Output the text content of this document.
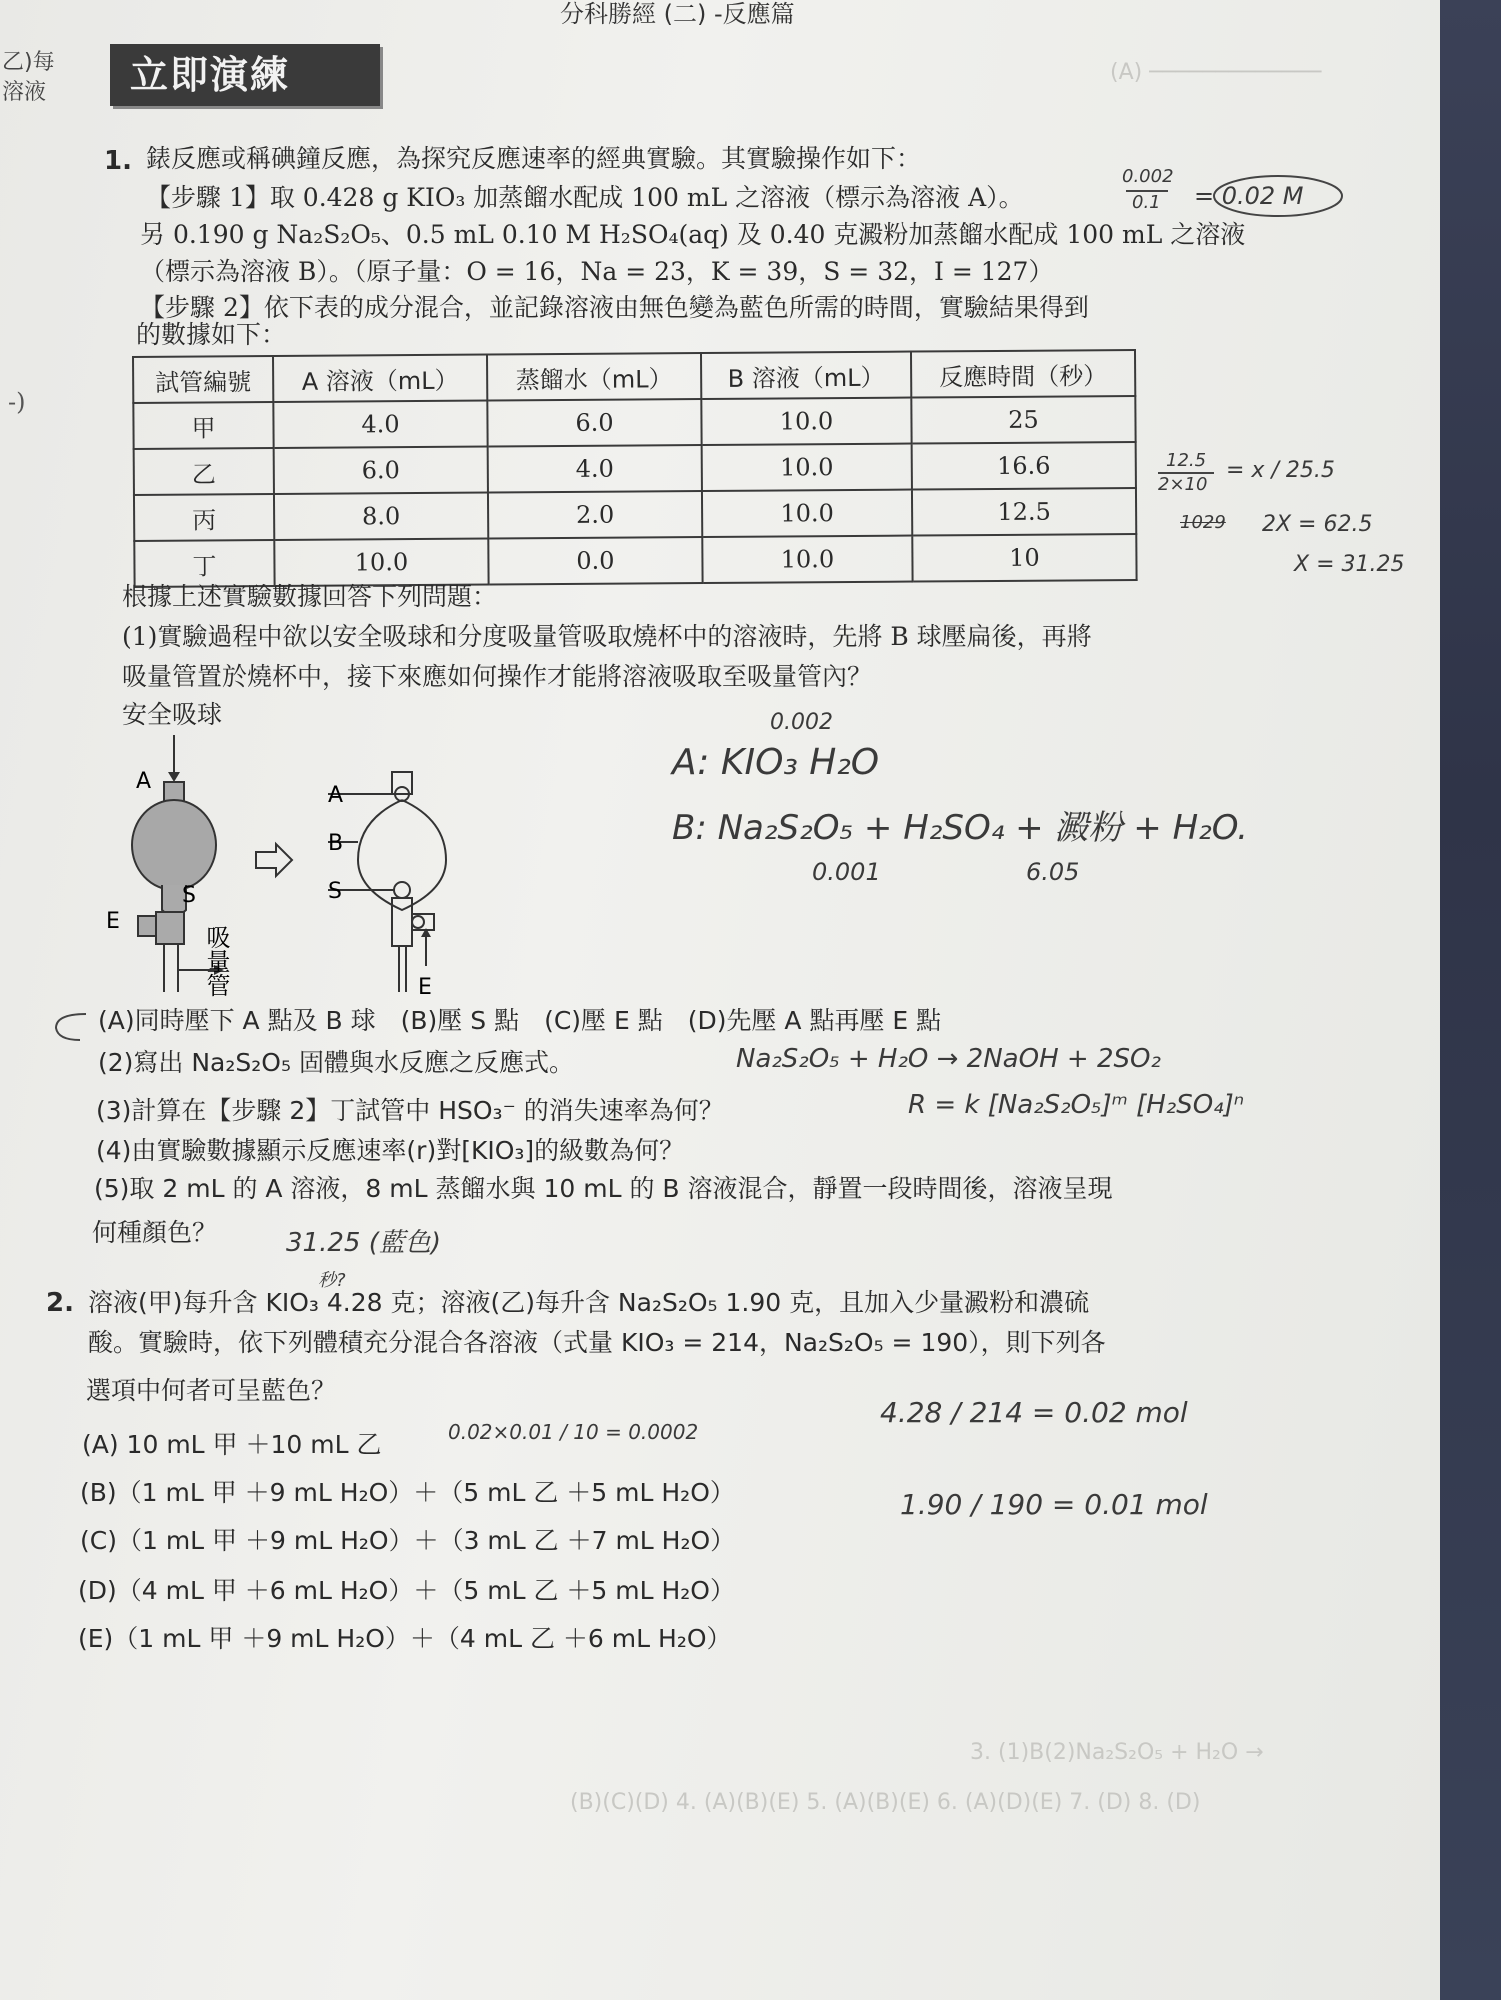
分科勝經 (二) -反應篇
乙)每
溶液
-)
立即演練
1. 錶反應或稱碘鐘反應，為探究反應速率的經典實驗。其實驗操作如下：
【步驟 1】取 0.428 g KIO₃ 加蒸餾水配成 100 mL 之溶液（標示為溶液 A）。
另 0.190 g Na₂S₂O₅、0.5 mL 0.10 M H₂SO₄(aq) 及 0.40 克澱粉加蒸餾水配成 100 mL 之溶液
（標示為溶液 B）。（原子量：O = 16，Na = 23，K = 39，S = 32，I = 127）
【步驟 2】依下表的成分混合，並記錄溶液由無色變為藍色所需的時間，實驗結果得到
的數據如下：
試管編號	A 溶液（mL）	蒸餾水（mL）	B 溶液（mL）	反應時間（秒）
甲	4.0	6.0	10.0	25
乙	6.0	4.0	10.0	16.6
丙	8.0	2.0	10.0	12.5
丁	10.0	0.0	10.0	10
根據上述實驗數據回答下列問題：
(1)實驗過程中欲以安全吸球和分度吸量管吸取燒杯中的溶液時，先將 B 球壓扁後，再將
吸量管置於燒杯中，接下來應如何操作才能將溶液吸取至吸量管內？
安全吸球
A
S
E
吸量管
A
B
S
E
(A)同時壓下 A 點及 B 球　(B)壓 S 點　(C)壓 E 點　(D)先壓 A 點再壓 E 點
(2)寫出 Na₂S₂O₅ 固體與水反應之反應式。
(3)計算在【步驟 2】丁試管中 HSO₃⁻ 的消失速率為何？
(4)由實驗數據顯示反應速率(r)對[KIO₃]的級數為何？
(5)取 2 mL 的 A 溶液，8 mL 蒸餾水與 10 mL 的 B 溶液混合，靜置一段時間後，溶液呈現
何種顏色？
2. 溶液(甲)每升含 KIO₃ 4.28 克；溶液(乙)每升含 Na₂S₂O₅ 1.90 克，且加入少量澱粉和濃硫
酸。實驗時，依下列體積充分混合各溶液（式量 KIO₃ = 214，Na₂S₂O₅ = 190），則下列各
選項中何者可呈藍色？
(A) 10 mL 甲 ＋10 mL 乙
(B)（1 mL 甲 ＋9 mL H₂O）＋（5 mL 乙 ＋5 mL H₂O）
(C)（1 mL 甲 ＋9 mL H₂O）＋（3 mL 乙 ＋7 mL H₂O）
(D)（4 mL 甲 ＋6 mL H₂O）＋（5 mL 乙 ＋5 mL H₂O）
(E)（1 mL 甲 ＋9 mL H₂O）＋（4 mL 乙 ＋6 mL H₂O）
0.002
0.1 = 0.02 M
12.5
2×10
= x / 25.5
1029 2X = 62.5
X = 31.25
0.002
A: KIO₃ H₂O
B: Na₂S₂O₅ + H₂SO₄ + 澱粉 + H₂O.
0.001	6.05
Na₂S₂O₅ + H₂O → 2NaOH + 2SO₂
R = k [Na₂S₂O₅]ᵐ [H₂SO₄]ⁿ
31.25 (藍色)
秒?
0.02×0.01 / 10 = 0.0002
4.28 / 214 = 0.02 mol
1.90 / 190 = 0.01 mol
(A) ─────────────
3. (1)B(2)Na₂S₂O₅ + H₂O →
(B)(C)(D) 4. (A)(B)(E) 5. (A)(B)(E) 6. (A)(D)(E) 7. (D) 8. (D)
